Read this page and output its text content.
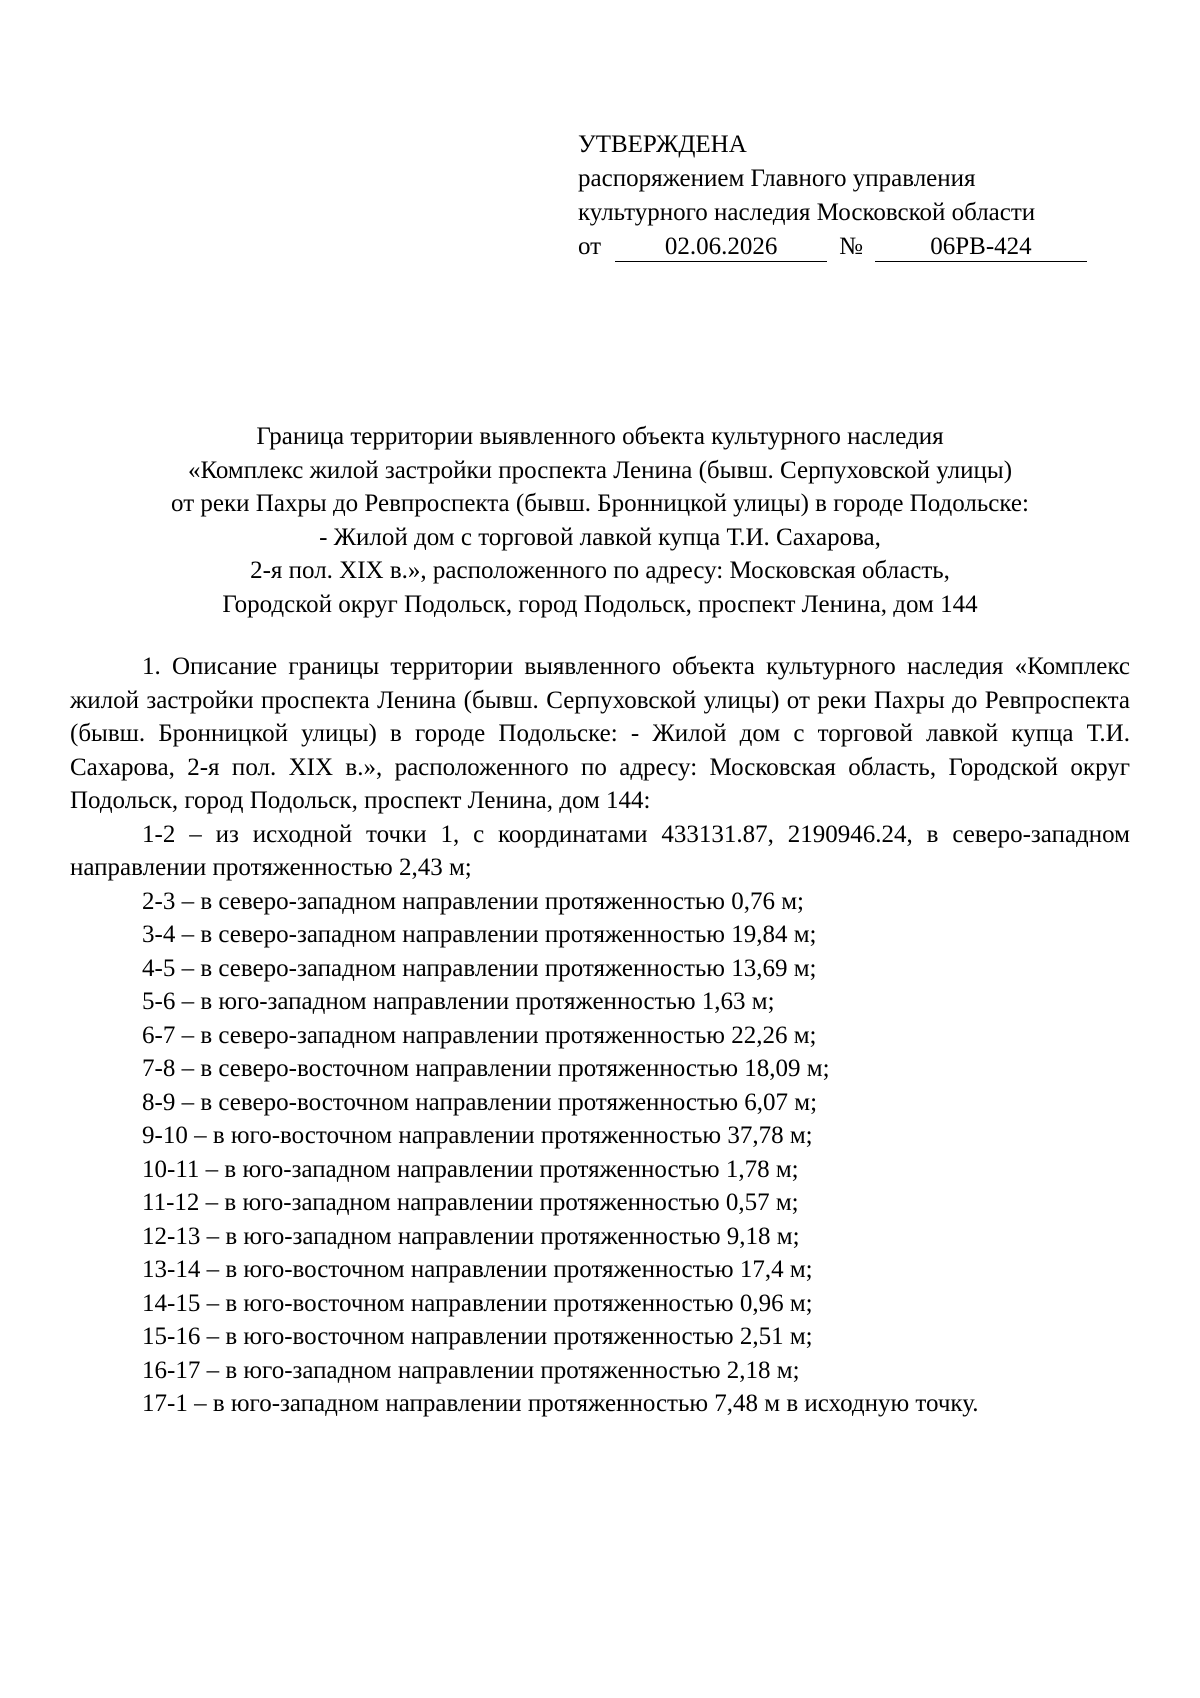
УТВЕРЖДЕНА
распоряжением Главного управления
культурного наследия Московской области
от	02.06.2026	№	06РВ-424
Граница территории выявленного объекта культурного наследия
«Комплекс жилой застройки проспекта Ленина (бывш. Серпуховской улицы)
от реки Пахры до Ревпроспекта (бывш. Бронницкой улицы) в городе Подольске:
- Жилой дом с торговой лавкой купца Т.И. Сахарова,
2-я пол. XIX в.», расположенного по адресу: Московская область,
Городской округ Подольск, город Подольск, проспект Ленина, дом 144

1. Описание границы территории выявленного объекта культурного наследия «Комплекс жилой застройки проспекта Ленина (бывш. Серпуховской улицы) от реки Пахры до Ревпроспекта (бывш. Бронницкой улицы) в городе Подольске: - Жилой дом с торговой лавкой купца Т.И. Сахарова, 2-я пол. XIX в.», расположенного по адресу: Московская область, Городской округ Подольск, город Подольск, проспект Ленина, дом 144:

1-2 – из исходной точки 1, с координатами 433131.87, 2190946.24, в северо-западном направлении протяженностью 2,43 м;
2-3 – в северо-западном направлении протяженностью 0,76 м;
3-4 – в северо-западном направлении протяженностью 19,84 м;
4-5 – в северо-западном направлении протяженностью 13,69 м;
5-6 – в юго-западном направлении протяженностью 1,63 м;
6-7 – в северо-западном направлении протяженностью 22,26 м;
7-8 – в северо-восточном направлении протяженностью 18,09 м;
8-9 – в северо-восточном направлении протяженностью 6,07 м;
9-10 – в юго-восточном направлении протяженностью 37,78 м;
10-11 – в юго-западном направлении протяженностью 1,78 м;
11-12 – в юго-западном направлении протяженностью 0,57 м;
12-13 – в юго-западном направлении протяженностью 9,18 м;
13-14 – в юго-восточном направлении протяженностью 17,4 м;
14-15 – в юго-восточном направлении протяженностью 0,96 м;
15-16 – в юго-восточном направлении протяженностью 2,51 м;
16-17 – в юго-западном направлении протяженностью 2,18 м;
17-1 – в юго-западном направлении протяженностью 7,48 м в исходную точку.
